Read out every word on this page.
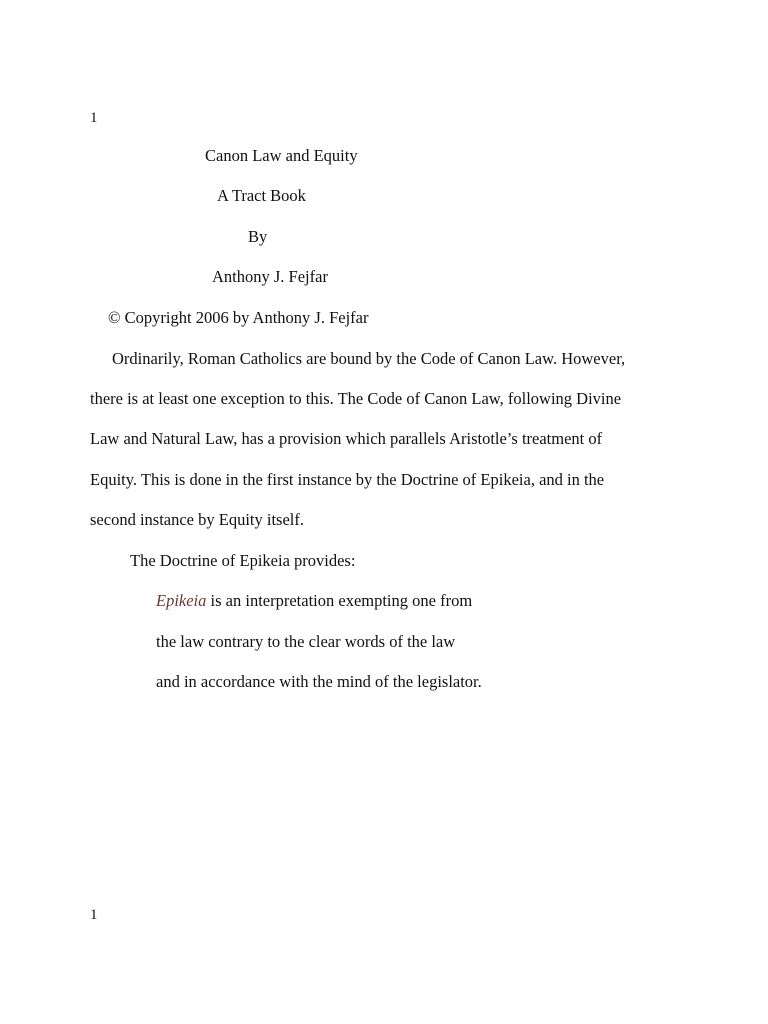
1
Canon Law and Equity
A Tract Book
By
Anthony J. Fejfar
© Copyright 2006 by Anthony J. Fejfar
Ordinarily, Roman Catholics are bound by the Code of Canon Law. However,
there is at least one exception to this. The Code of Canon Law, following Divine
Law and Natural Law, has a provision which parallels Aristotle’s treatment of
Equity. This is done in the first instance by the Doctrine of Epikeia, and in the
second instance by Equity itself.
The Doctrine of Epikeia provides:
Epikeia is an interpretation exempting one from
the law contrary to the clear words of the law
and in accordance with the mind of the legislator.
1
